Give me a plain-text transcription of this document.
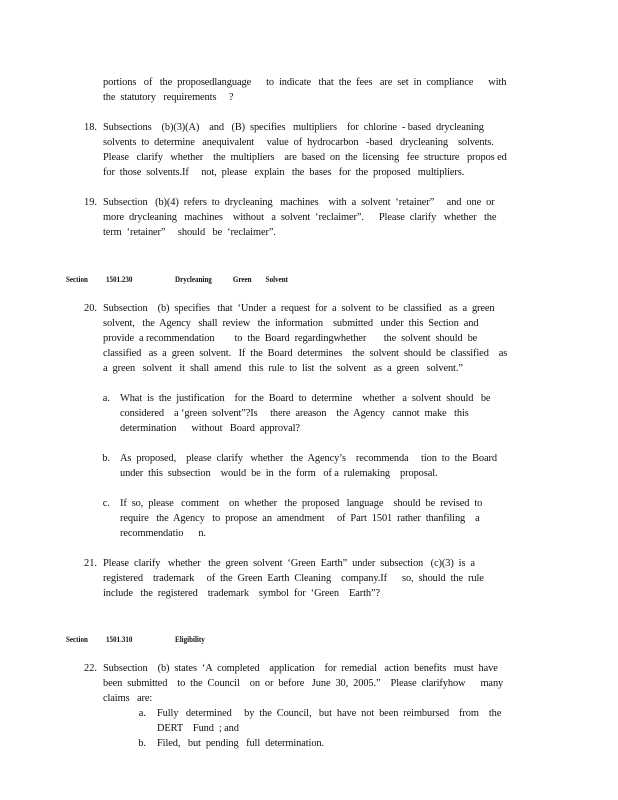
portions   of   the  proposedlanguage      to  indicate   that  the  fees   are  set  in  compliance      with
the  statutory   requirements     ?
18. Subsections    (b)(3)(A)    and   (B)  specifies   multipliers    for  chlorine  - based  drycleaning
solvents  to  determine   anequivalent     value  of  hydrocarbon   -based   drycleaning    solvents.
Please   clarify   whether    the  multipliers    are  based  on  the  licensing   fee  structure   propos ed
for  those  solvents.If     not,  please   explain   the  bases   for  the  proposed   multipliers.
19. Subsection   (b)(4)  refers  to  drycleaning   machines    with  a  solvent  ‘retainer”     and  one  or
more  drycleaning   machines    without   a  solvent  ‘reclaimer”.      Please  clarify   whether   the
term  ‘retainer”     should   be  ‘reclaimer”.
Section 1501.230	Drycleaning            Green        Solvent
20. Subsection    (b)  specifies   that  ‘Under  a  request  for  a  solvent  to  be  classified   as  a  green
solvent,   the  Agency   shall  review   the  information    submitted   under  this  Section  and
provide  a recommendation        to  the  Board  regardingwhether       the  solvent  should  be
classified   as  a  green  solvent.   If  the  Board  determines    the  solvent  should  be  classified    as
a  green   solvent   it  shall  amend   this  rule  to  list  the  solvent   as  a  green   solvent.”
a. What  is  the  justification    for  the  Board  to  determine    whether   a  solvent  should   be
considered    a ‘green  solvent”?Is     there  areason    the  Agency   cannot  make   this
determination      without   Board  approval?
b. As  proposed,    please  clarify   whether   the  Agency’s    recommenda     tion  to  the  Board
under  this  subsection    would  be  in  the  form   of a  rulemaking    proposal.
c. If  so,  please   comment    on  whether   the  proposed   language    should  be  revised  to
require   the  Agency   to  propose  an  amendment     of  Part  1501  rather  thanfiling    a
recommendatio      n.
21. Please  clarify   whether   the  green  solvent  ‘Green  Earth”  under  subsection   (c)(3)  is  a
registered    trademark     of  the  Green  Earth  Cleaning    company.If      so,  should  the  rule
include   the  registered    trademark    symbol  for  ‘Green    Earth”?
Section 1501.310	Eligibility
22. Subsection    (b)  states  ‘A  completed    application    for  remedial   action  benefits   must  have
been  submitted    to  the  Council    on  or  before   June  30,  2005.”    Please  clarifyhow      many
claims   are:
a. Fully   determined     by  the  Council,   but  have  not  been  reimbursed    from    the
DERT    Fund  ; and
b. Filed,   but  pending   full  determination.
